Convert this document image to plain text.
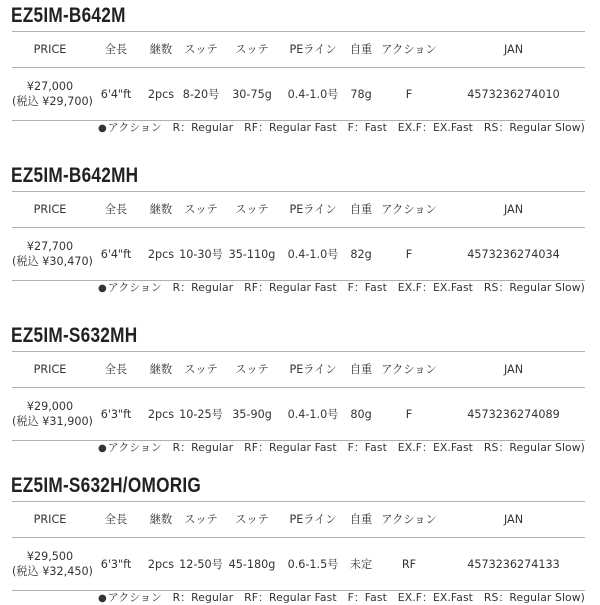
EZ5IM-B642M
PRICE	全長	継数	スッテ	スッテ	PEライン	自重	アクション	JAN

¥27,000
(税込 ¥29,700)	6'4"ft	2pcs	8-20号	30-75g	0.4-1.0号	78g	F	4573236274010
●アクション　R：Regular　RF：Regular Fast　F：Fast　EX.F：EX.Fast　RS：Regular Slow)
EZ5IM-B642MH
PRICE	全長	継数	スッテ	スッテ	PEライン	自重	アクション	JAN

¥27,700
(税込 ¥30,470)	6'4"ft	2pcs	10-30号	35-110g	0.4-1.0号	82g	F	4573236274034
●アクション　R：Regular　RF：Regular Fast　F：Fast　EX.F：EX.Fast　RS：Regular Slow)
EZ5IM-S632MH
PRICE	全長	継数	スッテ	スッテ	PEライン	自重	アクション	JAN

¥29,000
(税込 ¥31,900)	6'3"ft	2pcs	10-25号	35-90g	0.4-1.0号	80g	F	4573236274089
●アクション　R：Regular　RF：Regular Fast　F：Fast　EX.F：EX.Fast　RS：Regular Slow)
EZ5IM-S632H/OMORIG
PRICE	全長	継数	スッテ	スッテ	PEライン	自重	アクション	JAN

¥29,500
(税込 ¥32,450)	6'3"ft	2pcs	12-50号	45-180g	0.6-1.5号	未定	RF	4573236274133
●アクション　R：Regular　RF：Regular Fast　F：Fast　EX.F：EX.Fast　RS：Regular Slow)
